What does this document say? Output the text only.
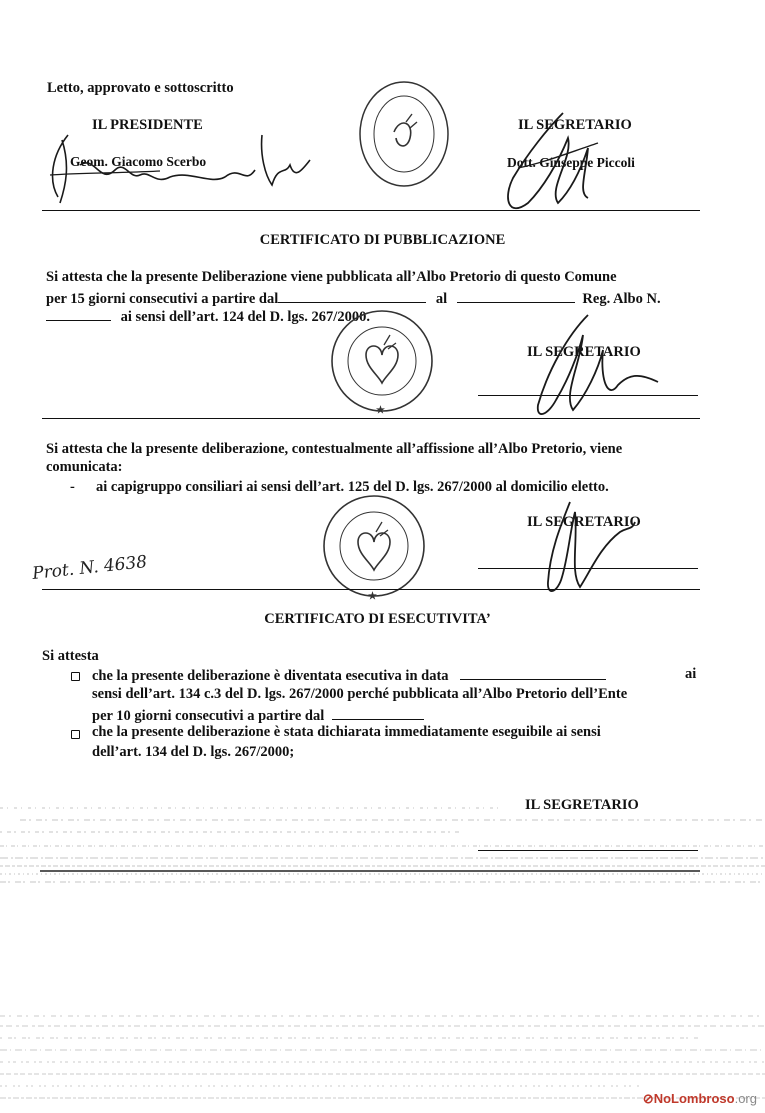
Letto, approvato e sottoscritto
IL PRESIDENTE
Geom. Giacomo Scerbo
IL SEGRETARIO
Dott. Giuseppe Piccoli
CERTIFICATO DI PUBBLICAZIONE
Si attesta che la presente Deliberazione viene pubblicata all’Albo Pretorio di questo Comune
per 15 giorni consecutivi a partire dal	al	Reg. Albo N.
ai sensi dell’art. 124 del D. lgs. 267/2000.
★
IL SEGRETARIO
Si attesta che la presente deliberazione, contestualmente all’affissione all’Albo Pretorio, viene
comunicata:
- ai capigruppo consiliari ai sensi dell’art. 125 del D. lgs. 267/2000 al domicilio eletto.
★
IL SEGRETARIO
Prot. N. 4638
CERTIFICATO DI ESECUTIVITA’
Si attesta
che la presente deliberazione è diventata esecutiva in data	ai
sensi dell’art. 134 c.3 del D. lgs. 267/2000 perché pubblicata all’Albo Pretorio dell’Ente
per 10 giorni consecutivi a partire dal
che la presente deliberazione è stata dichiarata immediatamente eseguibile ai sensi
dell’art. 134 del D. lgs. 267/2000;
IL SEGRETARIO
⊘NoLombroso.org
